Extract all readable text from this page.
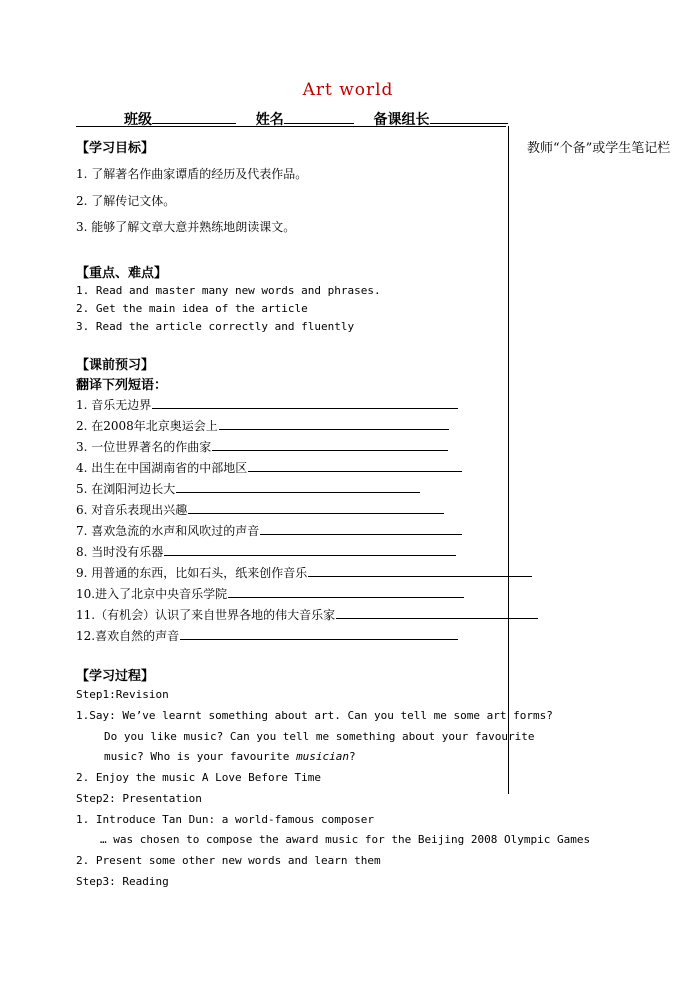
Art world
班级	姓名	备课组长
教师“个备”或学生笔记栏
【学习目标】
1. 了解著名作曲家谭盾的经历及代表作品。
2. 了解传记文体。
3. 能够了解文章大意并熟练地朗读课文。
【重点、难点】
1. Read and master many new words and phrases.
2. Get the main idea of the article
3. Read the article correctly and fluently
【课前预习】
翻译下列短语：
1. 音乐无边界
2. 在2008年北京奥运会上
3. 一位世界著名的作曲家
4. 出生在中国湖南省的中部地区
5. 在浏阳河边长大
6. 对音乐表现出兴趣
7. 喜欢急流的水声和风吹过的声音
8. 当时没有乐器
9. 用普通的东西，比如石头，纸来创作音乐
10.进入了北京中央音乐学院
11.（有机会）认识了来自世界各地的伟大音乐家
12.喜欢自然的声音
【学习过程】
Step1:Revision
1.Say: We’ve learnt something about art. Can you tell me some art forms?
Do you like music? Can you tell me something about your favourite
music? Who is your favourite musician?
2. Enjoy the music A Love Before Time
Step2: Presentation
1. Introduce Tan Dun: a world-famous composer
… was chosen to compose the award music for the Beijing 2008 Olympic Games
2. Present some other new words and learn them
Step3: Reading
